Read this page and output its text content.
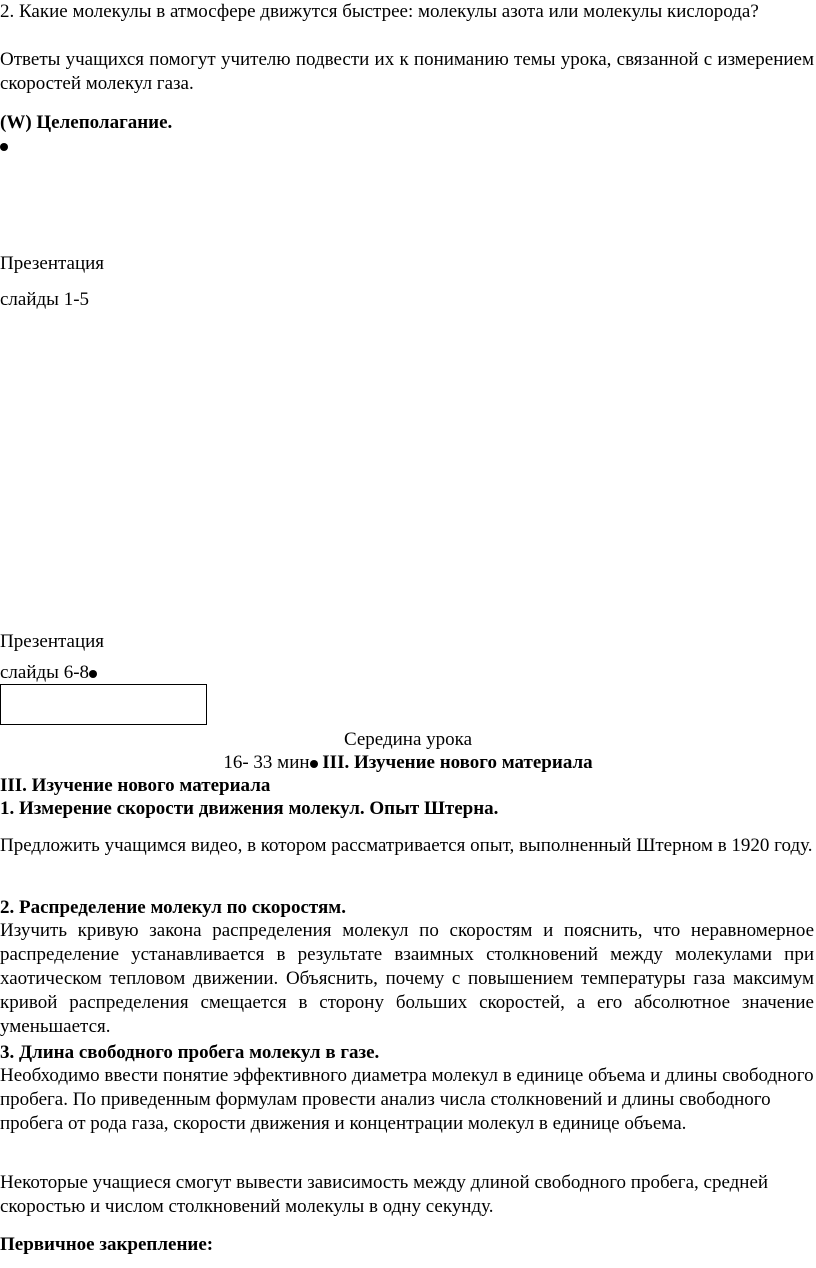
2. Какие молекулы в атмосфере движутся быстрее: молекулы азота или молекулы кислорода?
Ответы учащихся помогут учителю подвести их к пониманию темы урока, связанной с измерением скоростей молекул газа.
(W) Целеполагание.
Презентация
слайды 1-5
Презентация
слайды 6-8
Середина урока
16- 33 мин III. Изучение нового материала
III. Изучение нового материала
1. Измерение скорости движения молекул. Опыт Штерна.
Предложить учащимся видео, в котором рассматривается опыт, выполненный Штерном в 1920 году.
2. Распределение молекул по скоростям.
Изучить кривую закона распределения молекул по скоростям и пояснить, что неравномерное распределение устанавливается в результате взаимных столкновений между молекулами при хаотическом тепловом движении. Объяснить, почему с повышением температуры газа максимум кривой распределения смещается в сторону больших скоростей, а его абсолютное значение уменьшается.
3. Длина свободного пробега молекул в газе.
Необходимо ввести понятие эффективного диаметра молекул в единице объема и длины свободного пробега. По приведенным формулам провести анализ числа столкновений и длины свободного пробега от рода газа, скорости движения и концентрации молекул в единице объема.
Некоторые учащиеся смогут вывести зависимость между длиной свободного пробега, средней скоростью и числом столкновений молекулы в одну секунду.
Первичное закрепление:
